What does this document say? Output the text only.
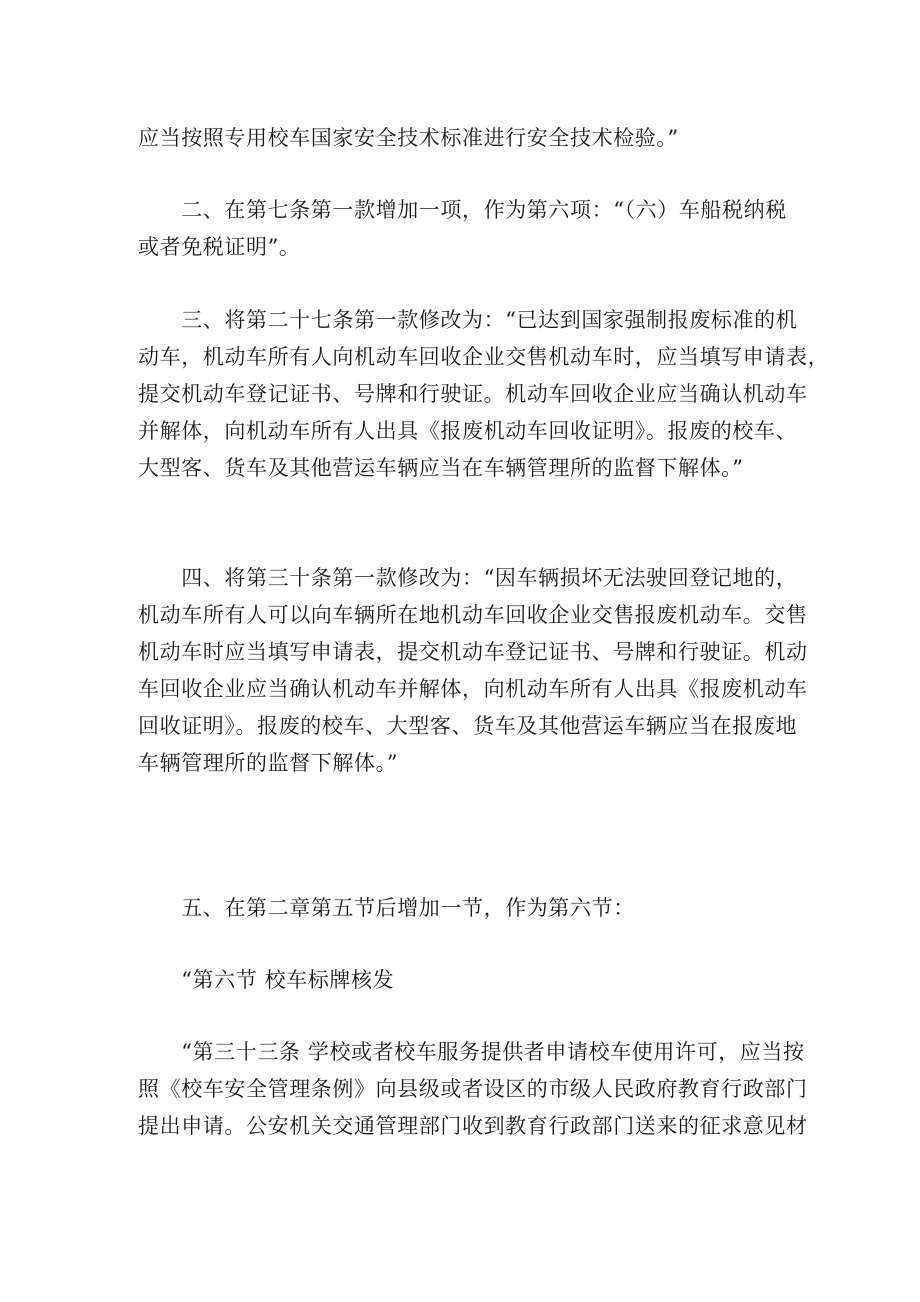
应当按照专用校车国家安全技术标准进行安全技术检验。”

　　二、在第七条第一款增加一项，作为第六项：“（六）车船税纳税
或者免税证明”。

　　三、将第二十七条第一款修改为：“已达到国家强制报废标准的机
动车，机动车所有人向机动车回收企业交售机动车时，应当填写申请表，
提交机动车登记证书、号牌和行驶证。机动车回收企业应当确认机动车
并解体，向机动车所有人出具《报废机动车回收证明》。报废的校车、
大型客、货车及其他营运车辆应当在车辆管理所的监督下解体。”

　　四、将第三十条第一款修改为：“因车辆损坏无法驶回登记地的，
机动车所有人可以向车辆所在地机动车回收企业交售报废机动车。交售
机动车时应当填写申请表，提交机动车登记证书、号牌和行驶证。机动
车回收企业应当确认机动车并解体，向机动车所有人出具《报废机动车
回收证明》。报废的校车、大型客、货车及其他营运车辆应当在报废地
车辆管理所的监督下解体。”

　　五、在第二章第五节后增加一节，作为第六节：

　　“第六节 校车标牌核发

　　“第三十三条 学校或者校车服务提供者申请校车使用许可，应当按
照《校车安全管理条例》向县级或者设区的市级人民政府教育行政部门
提出申请。公安机关交通管理部门收到教育行政部门送来的征求意见材
